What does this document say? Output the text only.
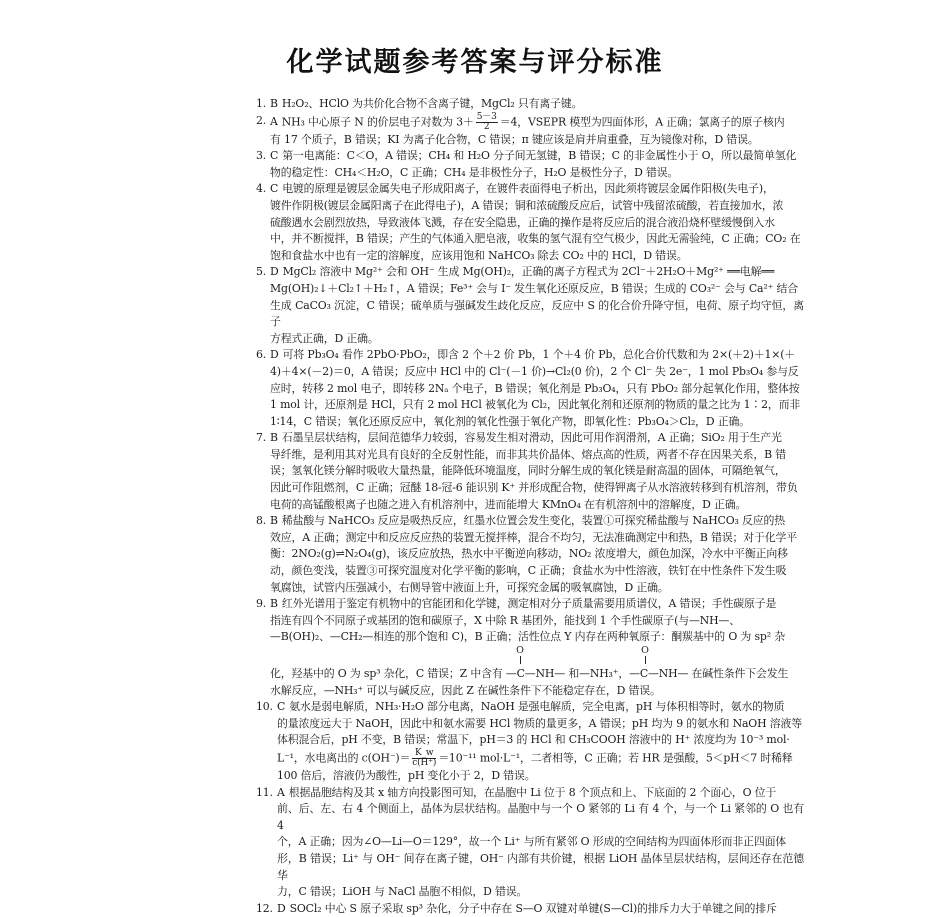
化学试题参考答案与评分标准
1. B H₂O₂、HClO 为共价化合物不含离子键，MgCl₂ 只有离子键。
2. A NH₃ 中心原子 N 的价层电子对数为 $3+ \frac{5-3}{2} =4$，VSEPR 模型为四面体形，A 正确；氯离子的原子核内
有 17 个质子，B 错误；KI 为离子化合物，C 错误；π 键应该是肩并肩重叠，互为镜像对称，D 错误。
3. C 第一电离能：C＜O，A 错误；CH₄ 和 H₂O 分子间无氢键，B 错误；C 的非金属性小于 O，所以最简单氢化
物的稳定性：CH₄＜H₂O，C 正确；CH₄ 是非极性分子，H₂O 是极性分子，D 错误。
4. C 电镀的原理是镀层金属失电子形成阳离子，在镀件表面得电子析出，因此须将镀层金属作阳极(失电子)，
镀件作阴极(镀层金属阳离子在此得电子)，A 错误；铜和浓硫酸反应后，试管中残留浓硫酸，若直接加水，浓
硫酸遇水会剧烈放热，导致液体飞溅，存在安全隐患，正确的操作是将反应后的混合液沿烧杯壁缓慢倒入水
中，并不断搅拌，B 错误；产生的气体通入肥皂液，收集的氢气混有空气极少，因此无需验纯，C 正确；CO₂ 在
饱和食盐水中也有一定的溶解度，应该用饱和 NaHCO₃ 除去 CO₂ 中的 HCl，D 错误。
5. D MgCl₂ 溶液中 Mg²⁺ 会和 OH⁻ 生成 Mg(OH)₂，正确的离子方程式为 2Cl⁻＋2H₂O＋Mg²⁺ ══电解══
Mg(OH)₂↓＋Cl₂↑＋H₂↑，A 错误；Fe³⁺ 会与 I⁻ 发生氧化还原反应，B 错误；生成的 CO₃²⁻ 会与 Ca²⁺ 结合
生成 CaCO₃ 沉淀，C 错误；硫单质与强碱发生歧化反应，反应中 S 的化合价升降守恒，电荷、原子均守恒，离子
方程式正确，D 正确。
6. D 可将 Pb₃O₄ 看作 2PbO·PbO₂，即含 2 个＋2 价 Pb，1 个＋4 价 Pb，总化合价代数和为 2×(＋2)＋1×(＋
4)＋4×(－2)＝0，A 错误；反应中 HCl 中的 Cl⁻(－1 价)→Cl₂(0 价)，2 个 Cl⁻ 失 2e⁻，1 mol Pb₃O₄ 参与反
应时，转移 2 mol 电子，即转移 2Nₐ 个电子，B 错误；氧化剂是 Pb₃O₄，只有 PbO₂ 部分起氧化作用，整体按
1 mol 计，还原剂是 HCl，只有 2 mol HCl 被氧化为 Cl₂，因此氧化剂和还原剂的物质的量之比为 1∶2，而非
1∶14，C 错误；氧化还原反应中，氧化剂的氧化性强于氧化产物，即氧化性：Pb₃O₄＞Cl₂，D 正确。
7. B 石墨呈层状结构，层间范德华力较弱，容易发生相对滑动，因此可用作润滑剂，A 正确；SiO₂ 用于生产光
导纤维，是利用其对光具有良好的全反射性能，而非其共价晶体、熔点高的性质，两者不存在因果关系，B 错
误；氢氧化镁分解时吸收大量热量，能降低环境温度，同时分解生成的氧化镁是耐高温的固体，可隔绝氧气，
因此可作阻燃剂，C 正确；冠醚 18-冠-6 能识别 K⁺ 并形成配合物，使得钾离子从水溶液转移到有机溶剂，带负
电荷的高锰酸根离子也随之进入有机溶剂中，进而能增大 KMnO₄ 在有机溶剂中的溶解度，D 正确。
8. B 稀盐酸与 NaHCO₃ 反应是吸热反应，红墨水位置会发生变化，装置①可探究稀盐酸与 NaHCO₃ 反应的热
效应，A 正确；测定中和反应反应热的装置无搅拌棒，混合不均匀，无法准确测定中和热，B 错误；对于化学平
衡：2NO₂(g)⇌N₂O₄(g)，该反应放热，热水中平衡逆向移动，NO₂ 浓度增大，颜色加深，冷水中平衡正向移
动，颜色变浅，装置③可探究温度对化学平衡的影响，C 正确；食盐水为中性溶液，铁钉在中性条件下发生吸
氧腐蚀，试管内压强减小，右侧导管中液面上升，可探究金属的吸氧腐蚀，D 正确。
9. B 红外光谱用于鉴定有机物中的官能团和化学键，测定相对分子质量需要用质谱仪，A 错误；手性碳原子是
指连有四个不同原子或基团的饱和碳原子，X 中除 R 基团外，能找到 1 个手性碳原子(与—NH—、
—B(OH)₂、—CH₂—相连的那个饱和 C)，B 正确；活性位点 Y 内存在两种氧原子：酮羰基中的 O 为 sp² 杂
O	O
化，羟基中的 O 为 sp³ 杂化，C 错误；Z 中含有 —C—NH— 和—NH₃⁺，—C—NH— 在碱性条件下会发生
水解反应，—NH₃⁺ 可以与碱反应，因此 Z 在碱性条件下不能稳定存在，D 错误。
10. C 氨水是弱电解质，NH₃·H₂O 部分电离，NaOH 是强电解质，完全电离，pH 与体积相等时，氨水的物质
的量浓度远大于 NaOH，因此中和氨水需要 HCl 物质的量更多，A 错误；pH 均为 9 的氨水和 NaOH 溶液等
体积混合后，pH 不变，B 错误；常温下，pH＝3 的 HCl 和 CH₃COOH 溶液中的 H⁺ 浓度均为 10⁻³ mol·
L⁻¹，水电离出的 $c(OH^-)= \frac{K\_w}{c(H^+)} =10^{-11}$ mol·L⁻¹，二者相等，C 正确；若 HR 是强酸，5＜pH＜7 时稀释
100 倍后，溶液仍为酸性，pH 变化小于 2，D 错误。
11. A 根据晶胞结构及其 x 轴方向投影图可知，在晶胞中 Li 位于 8 个顶点和上、下底面的 2 个面心，O 位于
前、后、左、右 4 个侧面上，晶体为层状结构。晶胞中与一个 O 紧邻的 Li 有 4 个，与一个 Li 紧邻的 O 也有 4
个，A 正确；因为∠O—Li—O＝129°，故一个 Li⁺ 与所有紧邻 O 形成的空间结构为四面体形而非正四面体
形，B 错误；Li⁺ 与 OH⁻ 间存在离子键，OH⁻ 内部有共价键，根据 LiOH 晶体呈层状结构，层间还存在范德华
力，C 错误；LiOH 与 NaCl 晶胞不相似，D 错误。
12. D SOCl₂ 中心 S 原子采取 sp³ 杂化，分子中存在 S—O 双键对单键(S—Cl)的排斥力大于单键之间的排斥
